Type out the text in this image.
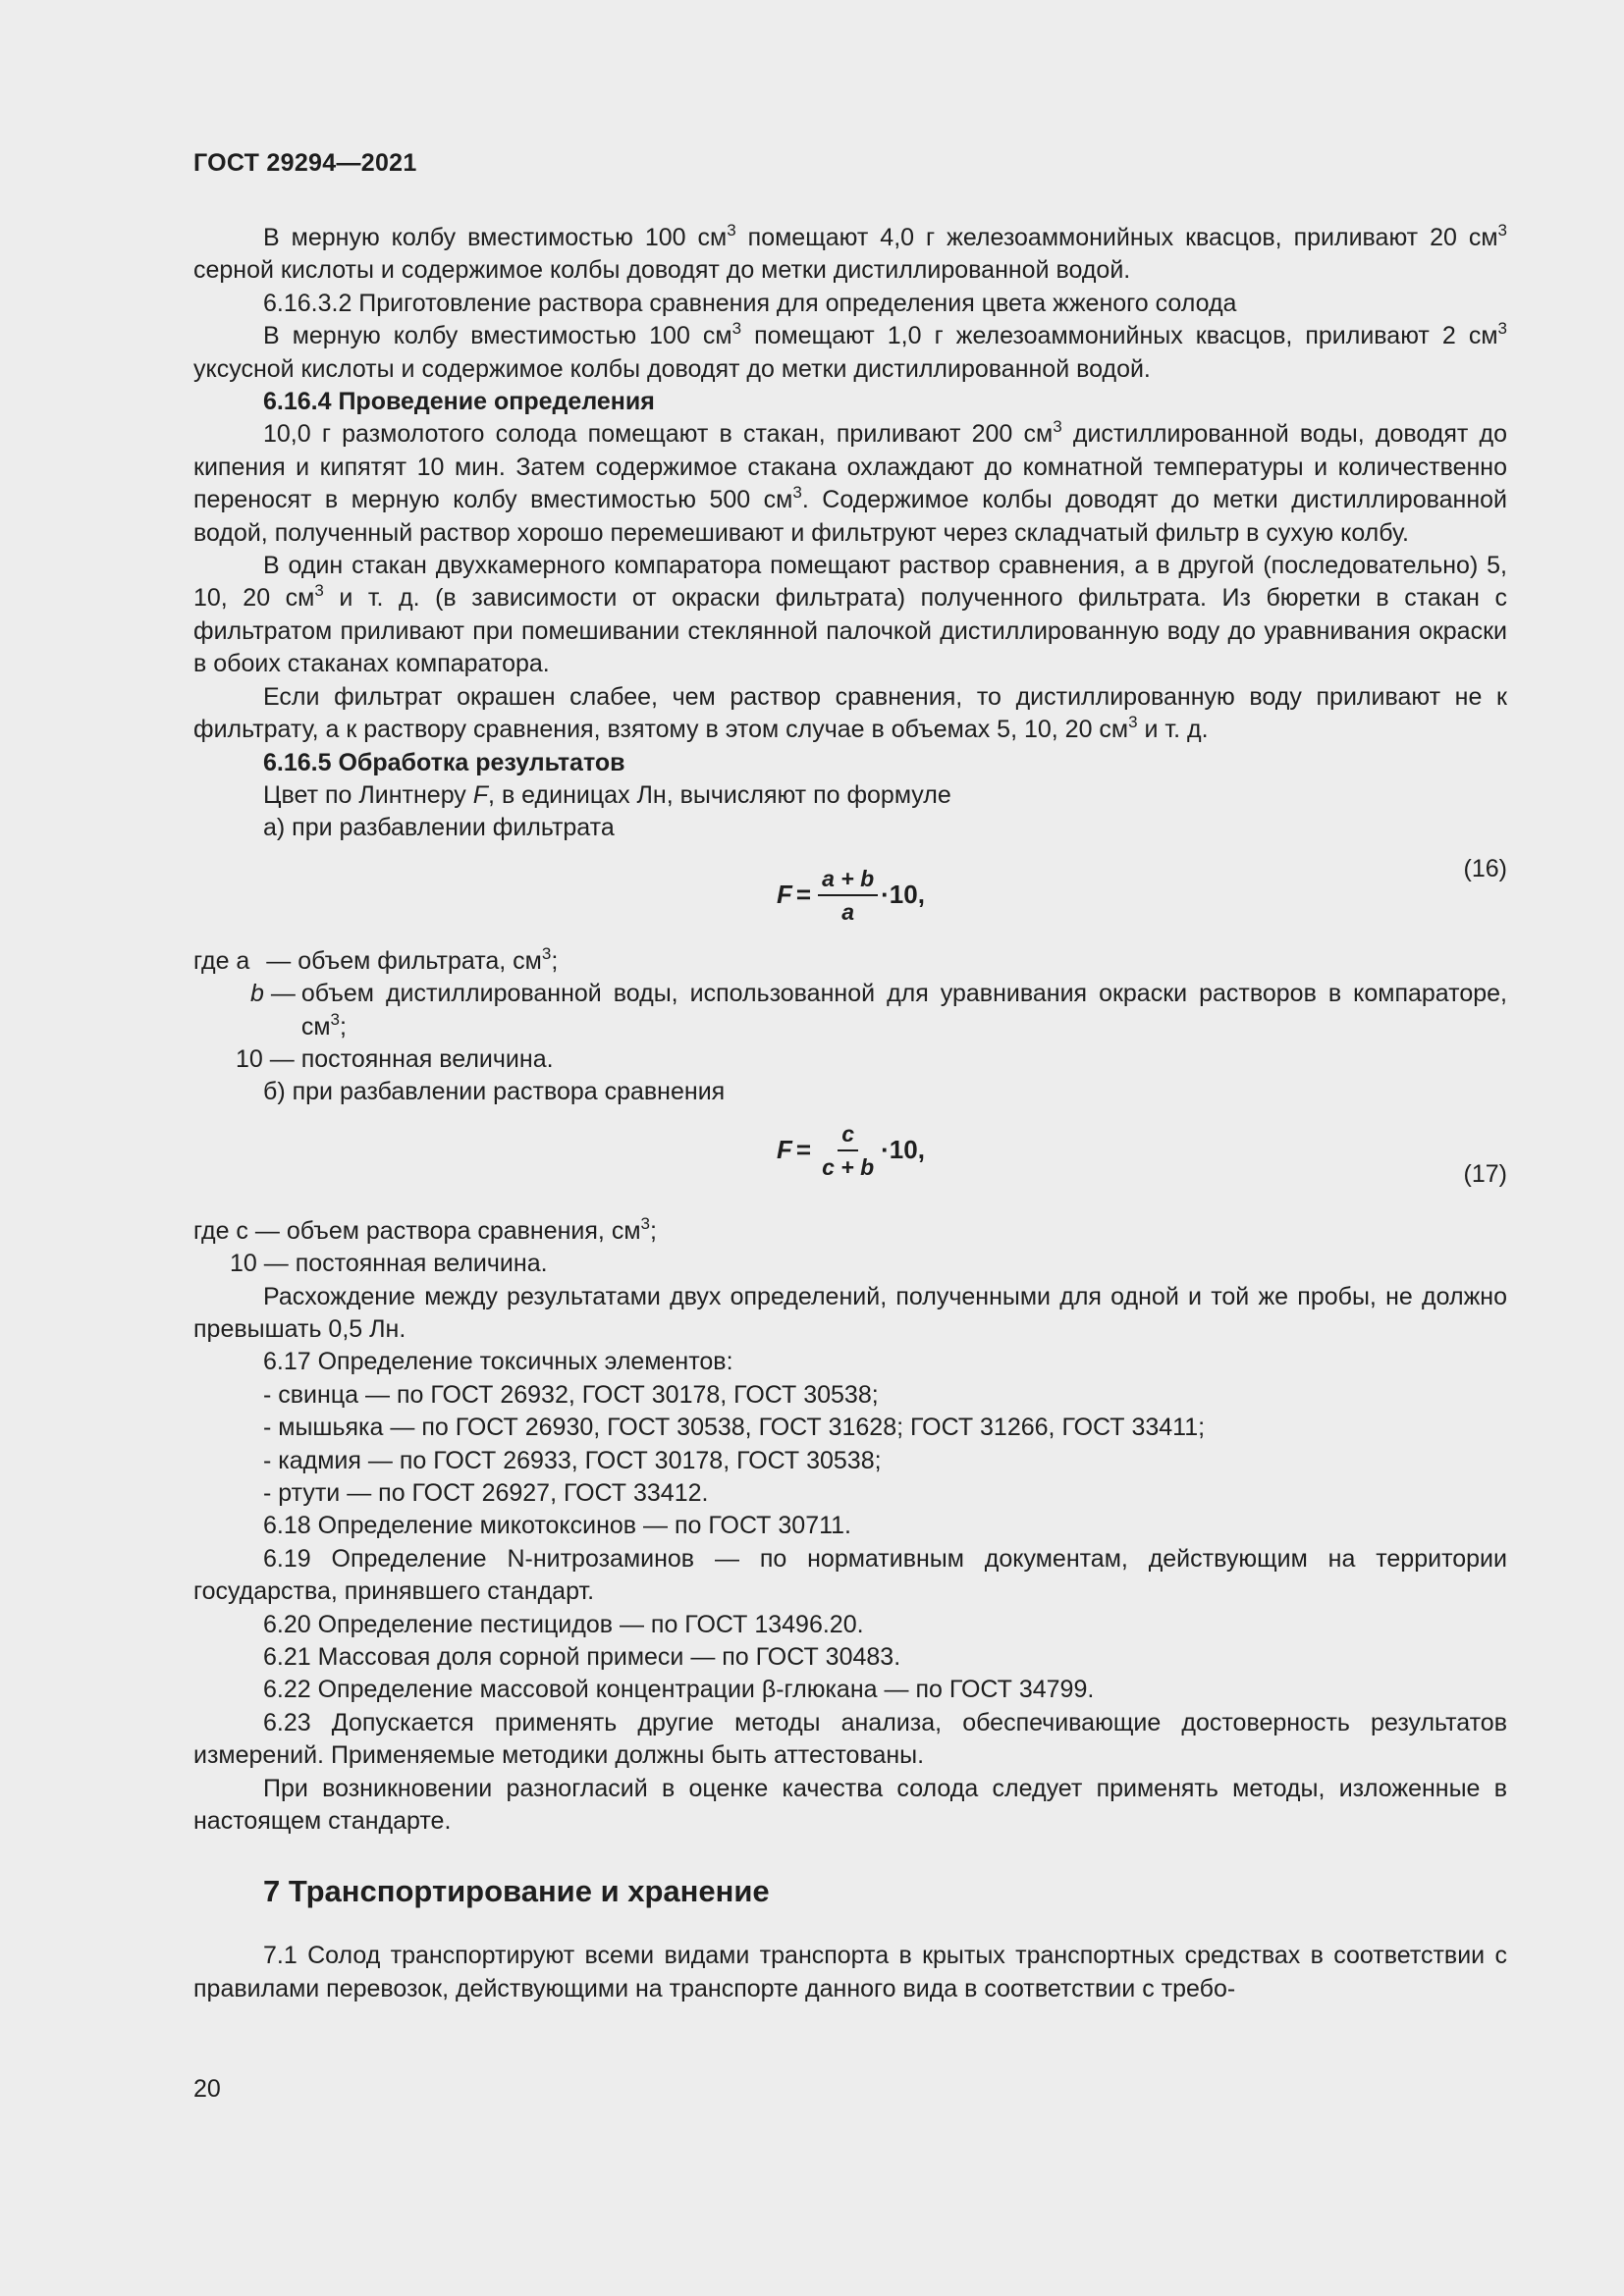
ГОСТ 29294—2021

В мерную колбу вместимостью 100 $см^3$ помещают 4,0 г железоаммонийных квасцов, приливают 20 $см^3$ серной кислоты и содержимое колбы доводят до метки дистиллированной водой.

6.16.3.2 Приготовление раствора сравнения для определения цвета жженого солода

В мерную колбу вместимостью 100 $см^3$ помещают 1,0 г железоаммонийных квасцов, приливают 2 $см^3$ уксусной кислоты и содержимое колбы доводят до метки дистиллированной водой.

6.16.4 Проведение определения

10,0 г размолотого солода помещают в стакан, приливают 200 $см^3$ дистиллированной воды, доводят до кипения и кипятят 10 мин. Затем содержимое стакана охлаждают до комнатной температуры и количественно переносят в мерную колбу вместимостью 500 $см^3$. Содержимое колбы доводят до метки дистиллированной водой, полученный раствор хорошо перемешивают и фильтруют через складчатый фильтр в сухую колбу.

В один стакан двухкамерного компаратора помещают раствор сравнения, а в другой (последовательно) 5, 10, 20 $см^3$ и т. д. (в зависимости от окраски фильтрата) полученного фильтрата. Из бюретки в стакан с фильтратом приливают при помешивании стеклянной палочкой дистиллированную воду до уравнивания окраски в обоих стаканах компаратора.

Если фильтрат окрашен слабее, чем раствор сравнения, то дистиллированную воду приливают не к фильтрату, а к раствору сравнения, взятому в этом случае в объемах 5, 10, 20 $см^3$ и т. д.

6.16.5 Обработка результатов

Цвет по Линтнеру F, в единицах Лн, вычисляют по формуле

а) при разбавлении фильтрата

$F = \frac{a + b}{a} \cdot 10$,
(16)
где a — объем фильтрата, $см^3$;
b — объем дистиллированной воды, использованной для уравнивания окраски растворов в компараторе, $см^3$;
10 — постоянная величина.

б) при разбавлении раствора сравнения

$F = \frac{c}{c + b} \cdot 10$,
(17)
где c — объем раствора сравнения, $см^3$;
10 — постоянная величина.

Расхождение между результатами двух определений, полученными для одной и той же пробы, не должно превышать 0,5 Лн.

6.17 Определение токсичных элементов:

- свинца — по ГОСТ 26932, ГОСТ 30178, ГОСТ 30538;

- мышьяка — по ГОСТ 26930, ГОСТ 30538, ГОСТ 31628; ГОСТ 31266, ГОСТ 33411;

- кадмия — по ГОСТ 26933, ГОСТ 30178, ГОСТ 30538;

- ртути — по ГОСТ 26927, ГОСТ 33412.

6.18 Определение микотоксинов — по ГОСТ 30711.

6.19 Определение N-нитрозаминов — по нормативным документам, действующим на территории государства, принявшего стандарт.

6.20 Определение пестицидов — по ГОСТ 13496.20.

6.21 Массовая доля сорной примеси — по ГОСТ 30483.

6.22 Определение массовой концентрации β-глюкана — по ГОСТ 34799.

6.23 Допускается применять другие методы анализа, обеспечивающие достоверность результатов измерений. Применяемые методики должны быть аттестованы.

При возникновении разногласий в оценке качества солода следует применять методы, изложенные в настоящем стандарте.

7 Транспортирование и хранение

7.1 Солод транспортируют всеми видами транспорта в крытых транспортных средствах в соответствии с правилами перевозок, действующими на транспорте данного вида в соответствии с требо-

20
